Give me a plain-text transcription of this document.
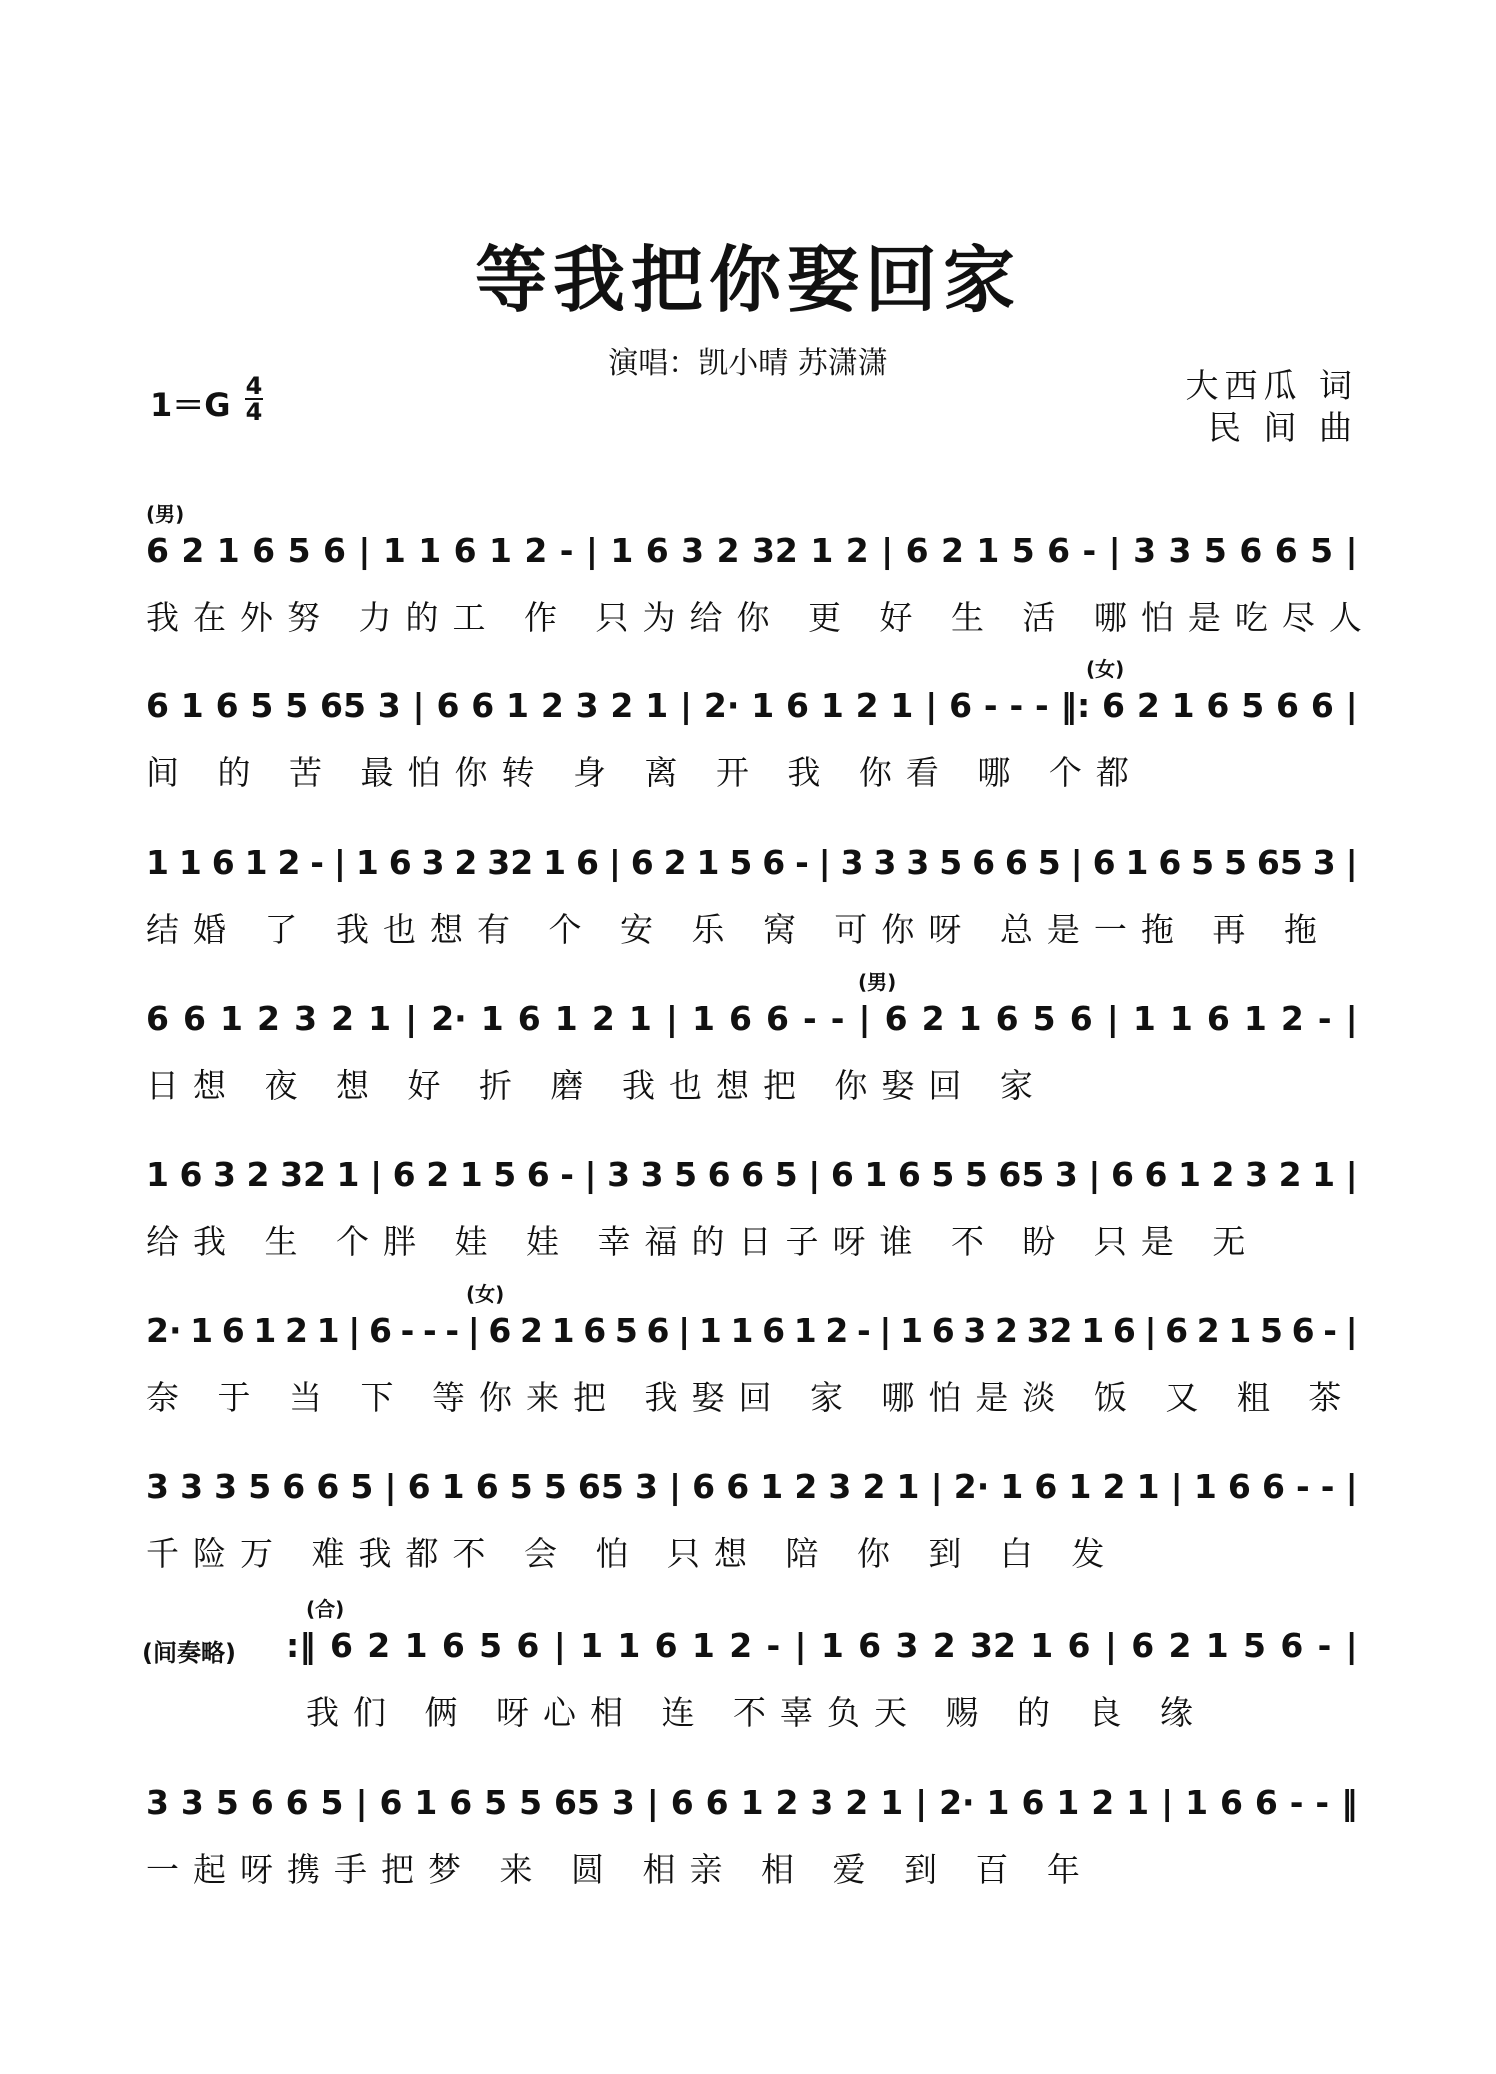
等我把你娶回家
演唱：凯小晴 苏潇潇
大西瓜 词
民 间 曲
1＝G 4
4
(男)
6 2 1 6 5 6 | 1 1 6 1 2 - | 1 6 3 2 32 1 2 | 6 2 1 5 6 - | 3 3 5 6 6 5 |
我在外努 力的工 作 只为给你 更 好 生 活 哪怕是吃尽人
(女)
6 1 6 5 5 65 3 | 6 6 1 2 3 2 1 | 2· 1 6 1 2 1 | 6 - - - ‖: 6 2 1 6 5 6 6 |
间 的 苦 最怕你转 身 离 开 我 你看 哪 个都
1 1 6 1 2 - | 1 6 3 2 32 1 6 | 6 2 1 5 6 - | 3 3 3 5 6 6 5 | 6 1 6 5 5 65 3 |
结婚 了 我也想有 个 安 乐 窝 可你呀 总是一拖 再 拖
(男)
6 6 1 2 3 2 1 | 2· 1 6 1 2 1 | 1 6 6 - - | 6 2 1 6 5 6 | 1 1 6 1 2 - |
日想 夜 想 好 折 磨 我也想把 你娶回 家
1 6 3 2 32 1 | 6 2 1 5 6 - | 3 3 5 6 6 5 | 6 1 6 5 5 65 3 | 6 6 1 2 3 2 1 |
给我 生 个胖 娃 娃 幸福的日子呀谁 不 盼 只是 无
(女)
2· 1 6 1 2 1 | 6 - - - | 6 2 1 6 5 6 | 1 1 6 1 2 - | 1 6 3 2 32 1 6 | 6 2 1 5 6 - |
奈 于 当 下 等你来把 我娶回 家 哪怕是淡 饭 又 粗 茶
3 3 3 5 6 6 5 | 6 1 6 5 5 65 3 | 6 6 1 2 3 2 1 | 2· 1 6 1 2 1 | 1 6 6 - - |
千险万 难我都不 会 怕 只想 陪 你 到 白 发
(间奏略)
(合)
:‖ 6 2 1 6 5 6 | 1 1 6 1 2 - | 1 6 3 2 32 1 6 | 6 2 1 5 6 - |
我们 俩 呀心相 连 不辜负天 赐 的 良 缘
3 3 5 6 6 5 | 6 1 6 5 5 65 3 | 6 6 1 2 3 2 1 | 2· 1 6 1 2 1 | 1 6 6 - - ‖
一起呀携手把梦 来 圆 相亲 相 爱 到 百 年
